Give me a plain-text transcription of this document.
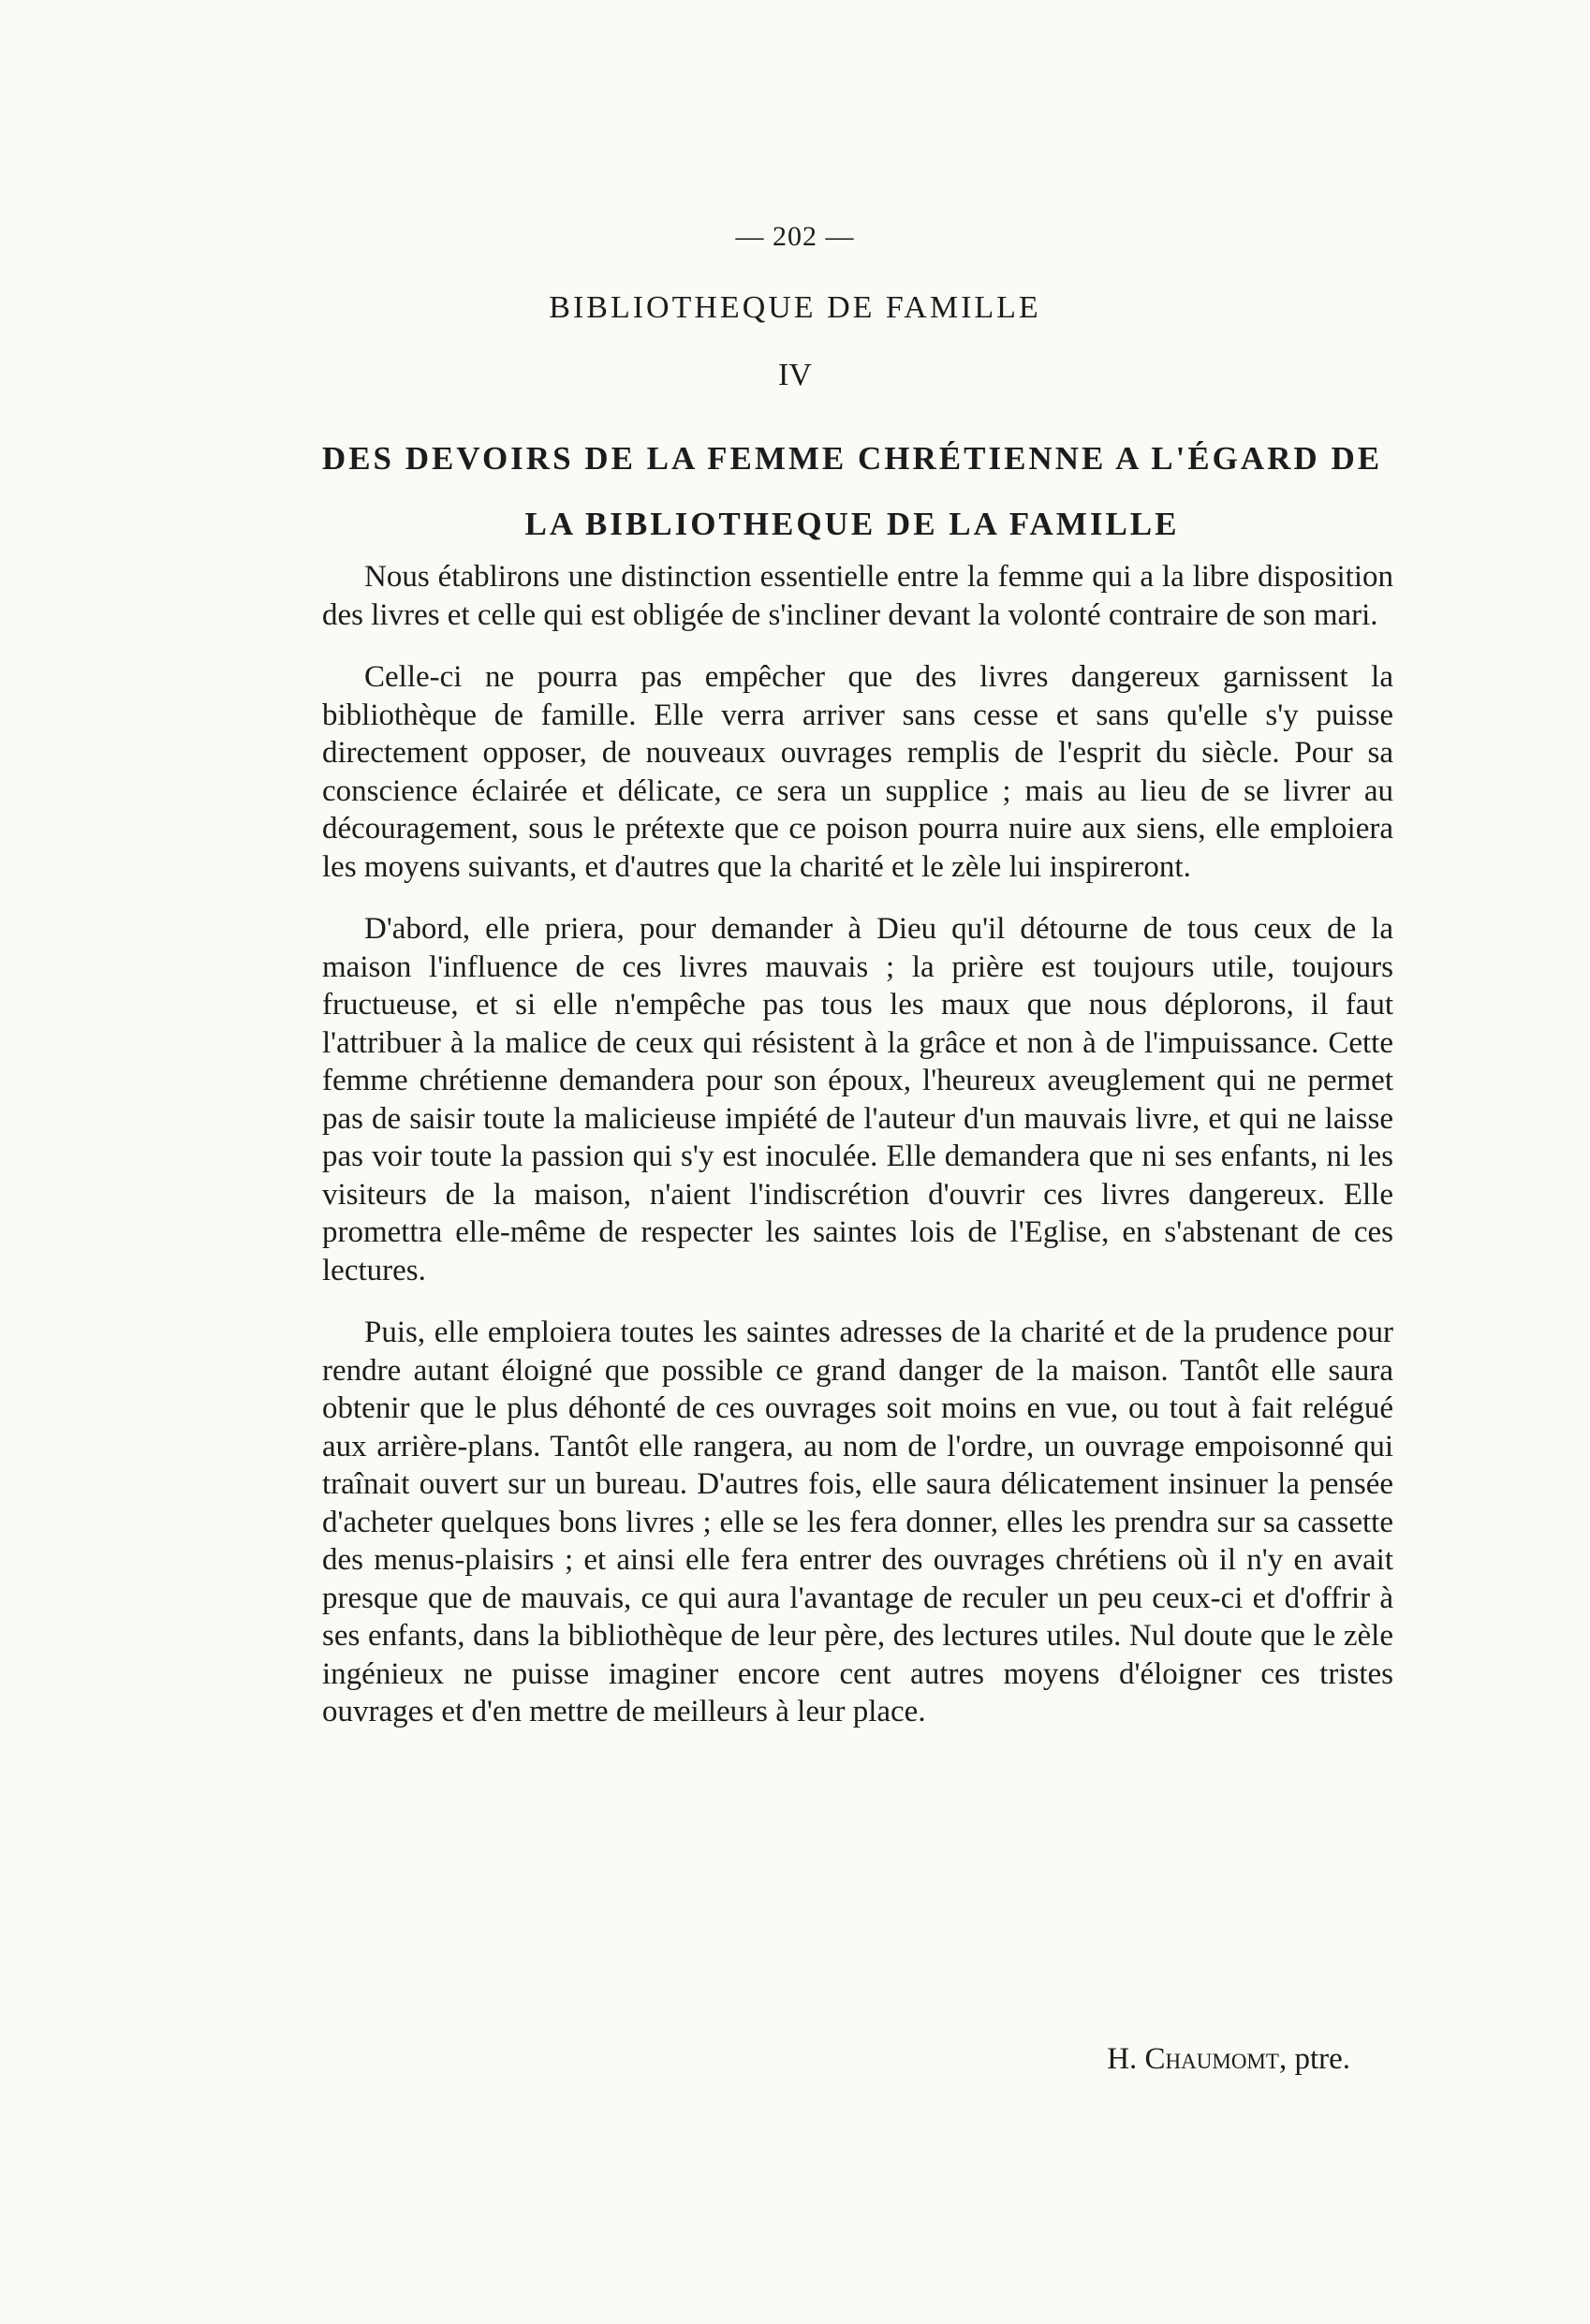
— 202 —
BIBLIOTHEQUE DE FAMILLE
IV
DES DEVOIRS DE LA FEMME CHRÉTIENNE A L'ÉGARD DE LA BIBLIOTHEQUE DE LA FAMILLE

Nous établirons une distinction essentielle entre la femme qui a la libre disposition des livres et celle qui est obligée de s'incliner devant la volonté contraire de son mari.

Celle-ci ne pourra pas empêcher que des livres dangereux garnissent la bibliothèque de famille. Elle verra arriver sans cesse et sans qu'elle s'y puisse directement opposer, de nouveaux ouvrages remplis de l'esprit du siècle. Pour sa conscience éclairée et délicate, ce sera un supplice ; mais au lieu de se livrer au découragement, sous le prétexte que ce poison pourra nuire aux siens, elle emploiera les moyens suivants, et d'autres que la charité et le zèle lui inspireront.

D'abord, elle priera, pour demander à Dieu qu'il détourne de tous ceux de la maison l'influence de ces livres mauvais ; la prière est toujours utile, toujours fructueuse, et si elle n'empêche pas tous les maux que nous déplorons, il faut l'attribuer à la malice de ceux qui résistent à la grâce et non à de l'impuissance. Cette femme chrétienne demandera pour son époux, l'heureux aveuglement qui ne permet pas de saisir toute la malicieuse impiété de l'auteur d'un mauvais livre, et qui ne laisse pas voir toute la passion qui s'y est inoculée. Elle demandera que ni ses enfants, ni les visiteurs de la maison, n'aient l'indiscrétion d'ouvrir ces livres dangereux. Elle promettra elle-même de respecter les saintes lois de l'Eglise, en s'abstenant de ces lectures.

Puis, elle emploiera toutes les saintes adresses de la charité et de la prudence pour rendre autant éloigné que possible ce grand danger de la maison. Tantôt elle saura obtenir que le plus déhonté de ces ouvrages soit moins en vue, ou tout à fait relégué aux arrière-plans. Tantôt elle rangera, au nom de l'ordre, un ouvrage empoisonné qui traînait ouvert sur un bureau. D'autres fois, elle saura délicatement insinuer la pensée d'acheter quelques bons livres ; elle se les fera donner, elles les prendra sur sa cassette des menus-plaisirs ; et ainsi elle fera entrer des ouvrages chrétiens où il n'y en avait presque que de mauvais, ce qui aura l'avantage de reculer un peu ceux-ci et d'offrir à ses enfants, dans la bibliothèque de leur père, des lectures utiles. Nul doute que le zèle ingénieux ne puisse imaginer encore cent autres moyens d'éloigner ces tristes ouvrages et d'en mettre de meilleurs à leur place.

H. Chaumomt, ptre.
